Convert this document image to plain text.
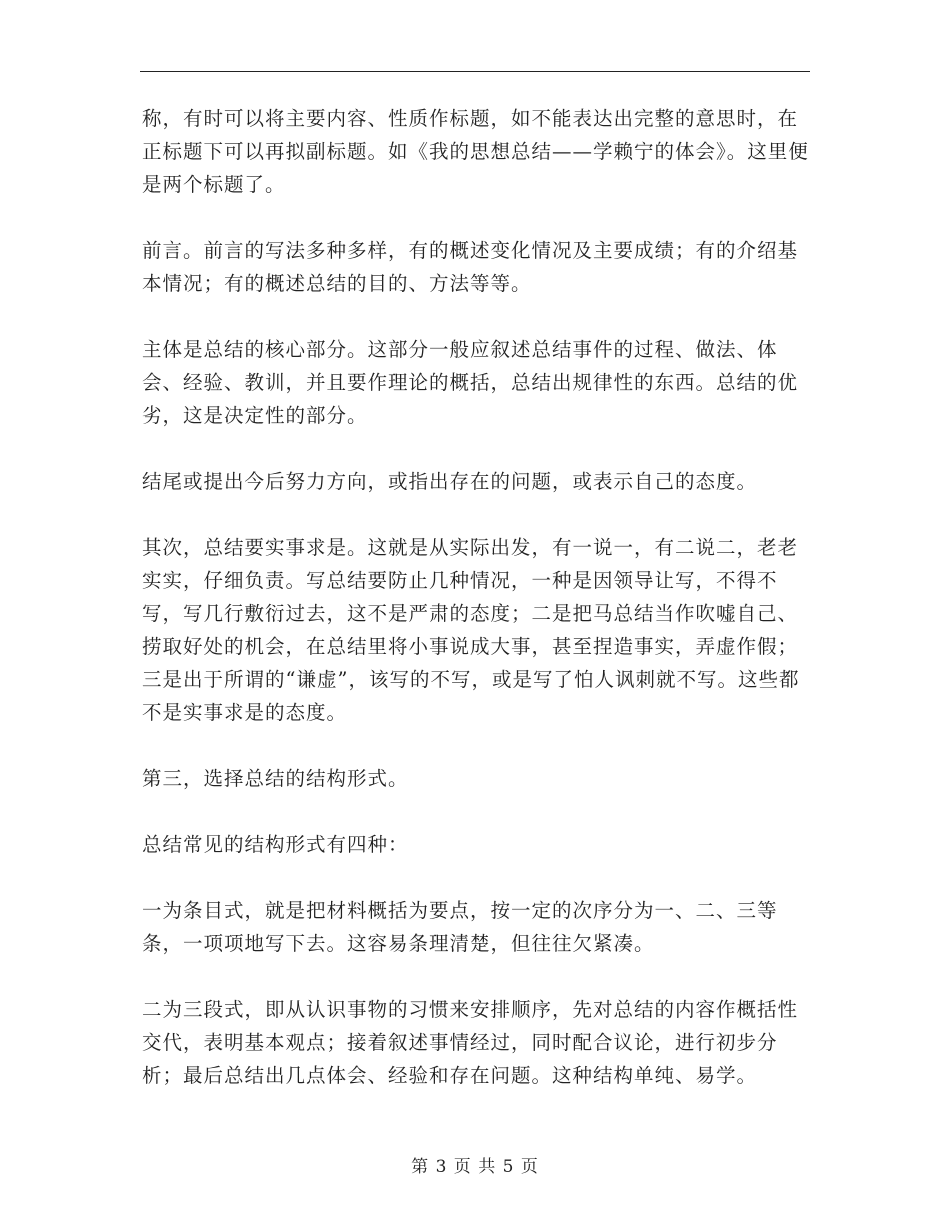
称，有时可以将主要内容、性质作标题，如不能表达出完整的意思时，在正标题下可以再拟副标题。如《我的思想总结——学赖宁的体会》。这里便是两个标题了。

前言。前言的写法多种多样，有的概述变化情况及主要成绩；有的介绍基本情况；有的概述总结的目的、方法等等。

主体是总结的核心部分。这部分一般应叙述总结事件的过程、做法、体会、经验、教训，并且要作理论的概括，总结出规律性的东西。总结的优劣，这是决定性的部分。

结尾或提出今后努力方向，或指出存在的问题，或表示自己的态度。

其次，总结要实事求是。这就是从实际出发，有一说一，有二说二，老老实实，仔细负责。写总结要防止几种情况，一种是因领导让写，不得不写，写几行敷衍过去，这不是严肃的态度；二是把马总结当作吹嘘自己、捞取好处的机会，在总结里将小事说成大事，甚至捏造事实，弄虚作假；三是出于所谓的“谦虚”，该写的不写，或是写了怕人讽刺就不写。这些都不是实事求是的态度。

第三，选择总结的结构形式。

总结常见的结构形式有四种：

一为条目式，就是把材料概括为要点，按一定的次序分为一、二、三等条，一项项地写下去。这容易条理清楚，但往往欠紧凑。

二为三段式，即从认识事物的习惯来安排顺序，先对总结的内容作概括性交代，表明基本观点；接着叙述事情经过，同时配合议论，进行初步分析；最后总结出几点体会、经验和存在问题。这种结构单纯、易学。

第 3 页 共 5 页
